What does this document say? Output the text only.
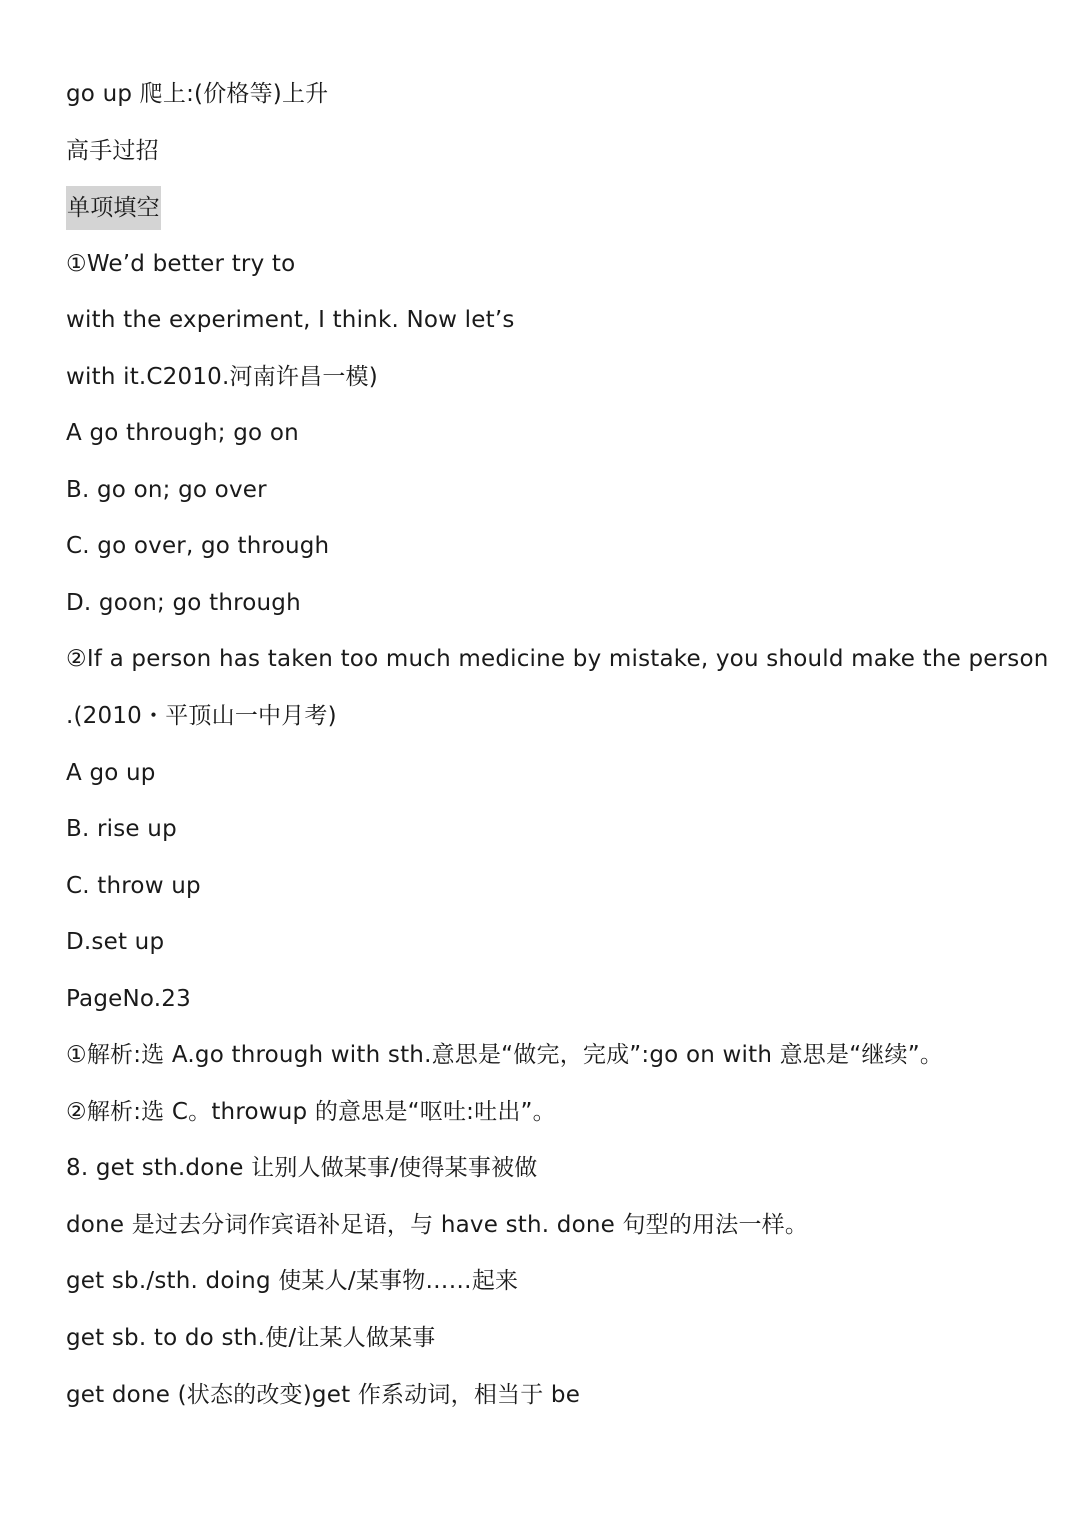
go up 爬上:(价格等)上升
高手过招
单项填空
①We’d better try to
with the experiment, I think. Now let’s
with it.C2010.河南许昌一模)
A go through; go on
B. go on; go over
C. go over, go through
D. goon; go through
②If a person has taken too much medicine by mistake, you should make the person
.(2010・平顶山一中月考)
A go up
B. rise up
C. throw up
D.set up
PageNo.23
①解析:选 A.go through with sth.意思是“做完，完成”:go on with 意思是“继续”。
②解析:选 C。throwup 的意思是“呕吐:吐出”。
8. get sth.done 让别人做某事/使得某事被做
done 是过去分词作宾语补足语，与 have sth. done 句型的用法一样。
get sb./sth. doing 使某人/某事物……起来
get sb. to do sth.使/让某人做某事
get done (状态的改变)get 作系动词，相当于 be
